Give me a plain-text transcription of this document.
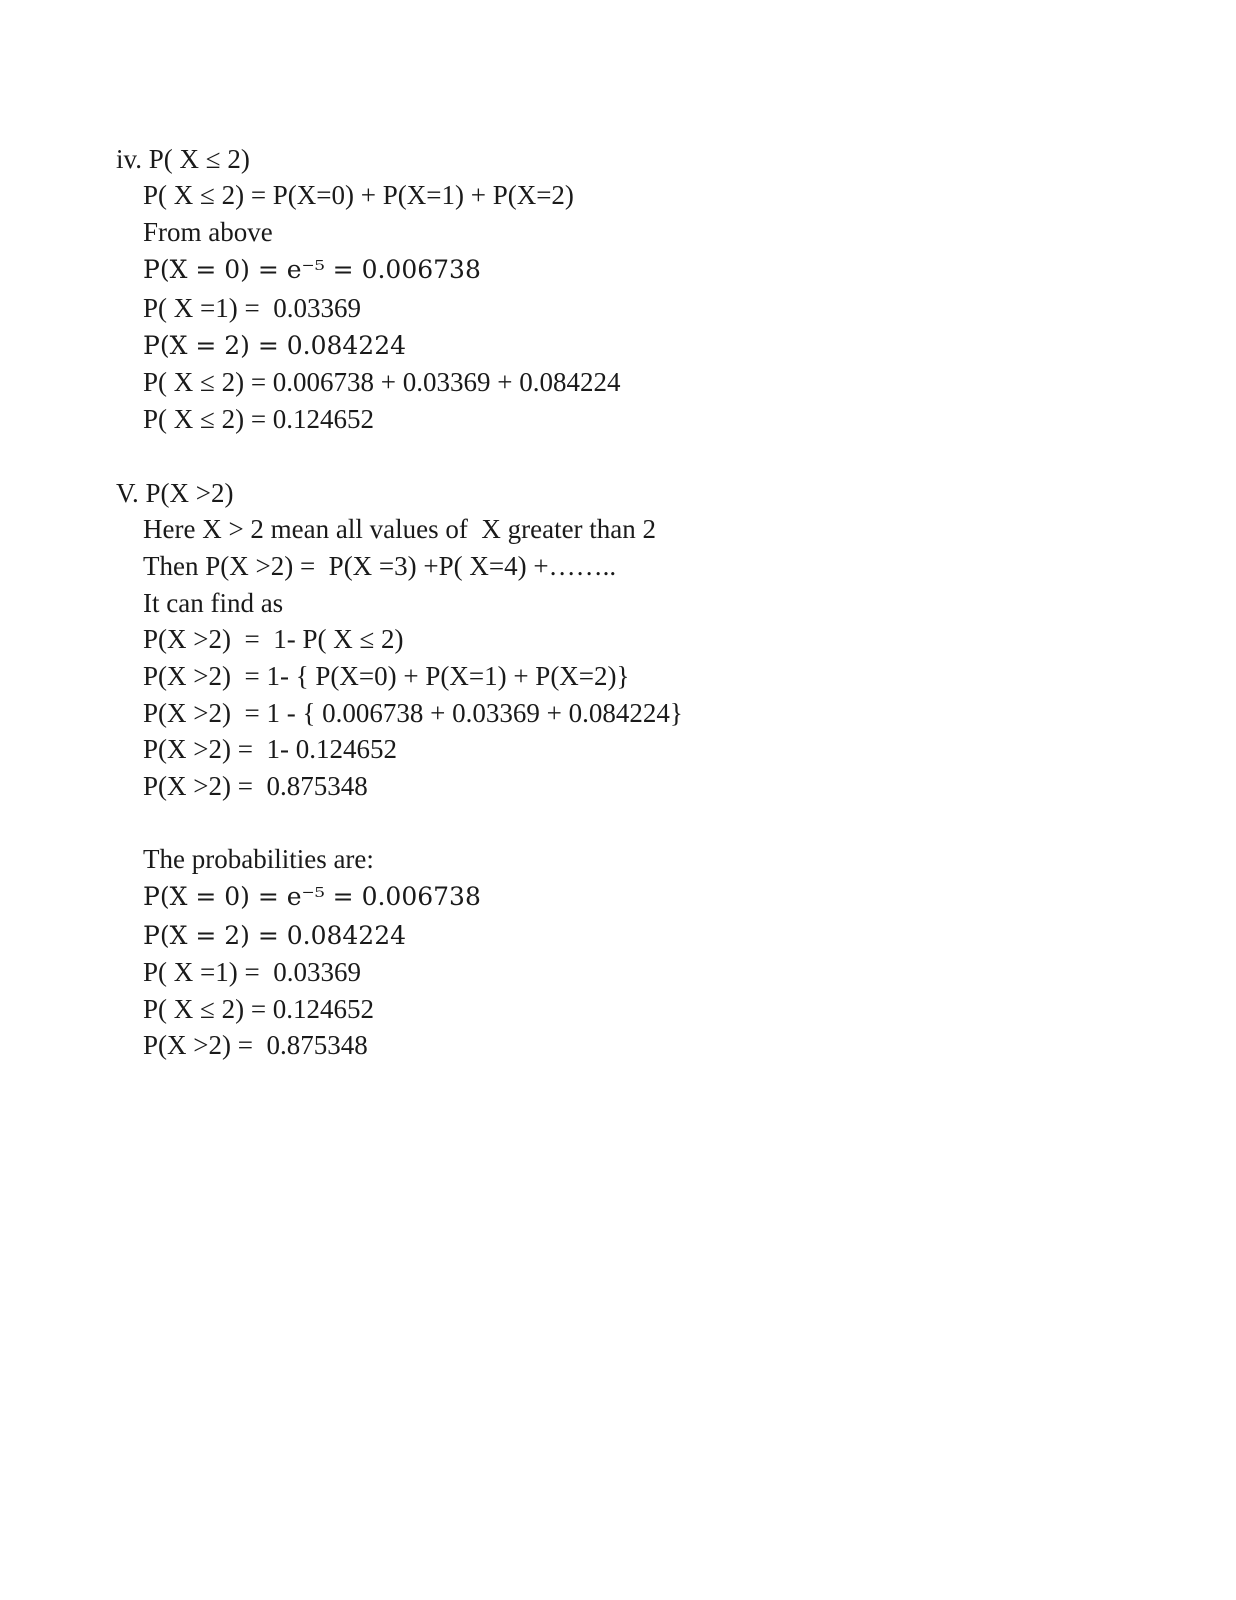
iv. P( X ≤ 2)
P( X ≤ 2) = P(X=0) + P(X=1) + P(X=2)
From above
P(X = 0) = e⁻⁵ = 0.006738
P( X =1) =  0.03369
P(X = 2) = 0.084224
P( X ≤ 2) = 0.006738 + 0.03369 + 0.084224
P( X ≤ 2) = 0.124652
V. P(X >2)
Here X > 2 mean all values of  X greater than 2
Then P(X >2) =  P(X =3) +P( X=4) +……..
It can find as
P(X >2)  =  1- P( X ≤ 2)
P(X >2)  = 1- { P(X=0) + P(X=1) + P(X=2)}
P(X >2)  = 1 - { 0.006738 + 0.03369 + 0.084224}
P(X >2) =  1- 0.124652
P(X >2) =  0.875348
The probabilities are:
P(X = 0) = e⁻⁵ = 0.006738
P(X = 2) = 0.084224
P( X =1) =  0.03369
P( X ≤ 2) = 0.124652
P(X >2) =  0.875348
